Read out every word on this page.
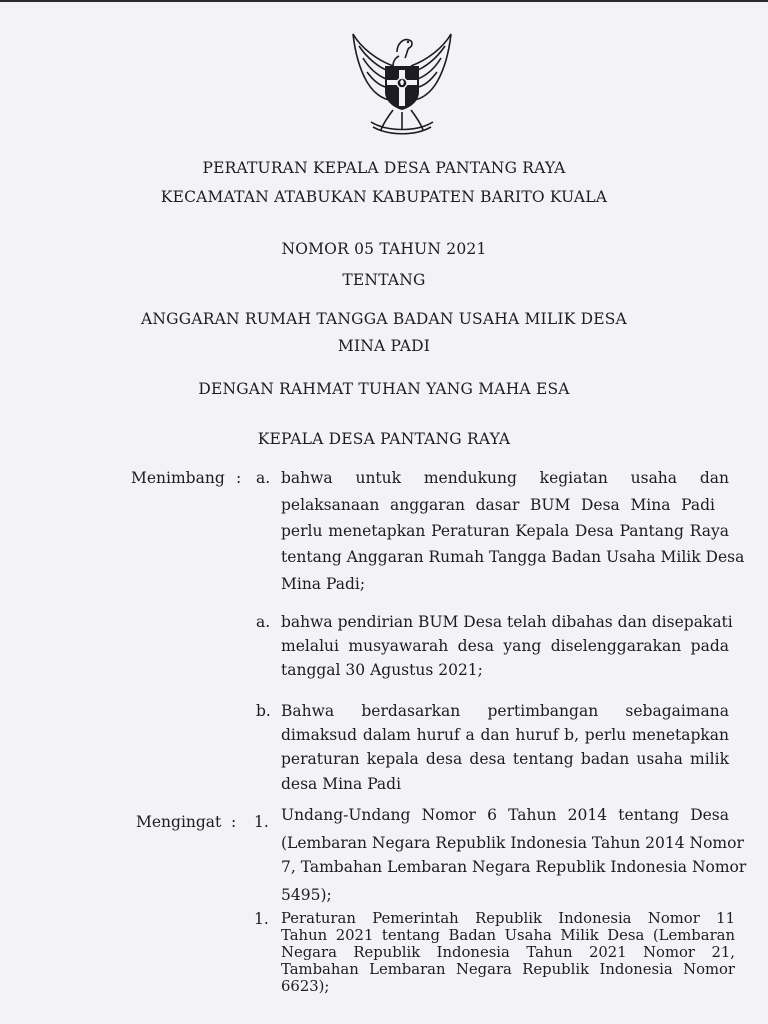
PERATURAN KEPALA DESA PANTANG RAYA
KECAMATAN ATABUKAN KABUPATEN BARITO KUALA
NOMOR 05 TAHUN 2021
TENTANG
ANGGARAN RUMAH TANGGA BADAN USAHA MILIK DESA
MINA PADI
DENGAN RAHMAT TUHAN YANG MAHA ESA
KEPALA DESA PANTANG RAYA
Menimbang : a. bahwa untuk mendukung kegiatan usaha dan
pelaksanaan anggaran dasar BUM Desa Mina Padi
perlu menetapkan Peraturan Kepala Desa Pantang Raya
tentang Anggaran Rumah Tangga Badan Usaha Milik Desa
Mina Padi;
a. bahwa pendirian BUM Desa telah dibahas dan disepakati
melalui musyawarah desa yang diselenggarakan pada
tanggal 30 Agustus 2021;
b. Bahwa berdasarkan pertimbangan sebagaimana
dimaksud dalam huruf a dan huruf b, perlu menetapkan
peraturan kepala desa desa tentang badan usaha milik
desa Mina Padi
Mengingat : 1. Undang-Undang Nomor 6 Tahun 2014 tentang Desa
(Lembaran Negara Republik Indonesia Tahun 2014 Nomor
7, Tambahan Lembaran Negara Republik Indonesia Nomor
5495);
1. Peraturan Pemerintah Republik Indonesia Nomor 11
Tahun 2021 tentang Badan Usaha Milik Desa (Lembaran
Negara Republik Indonesia Tahun 2021 Nomor 21,
Tambahan Lembaran Negara Republik Indonesia Nomor
6623);
